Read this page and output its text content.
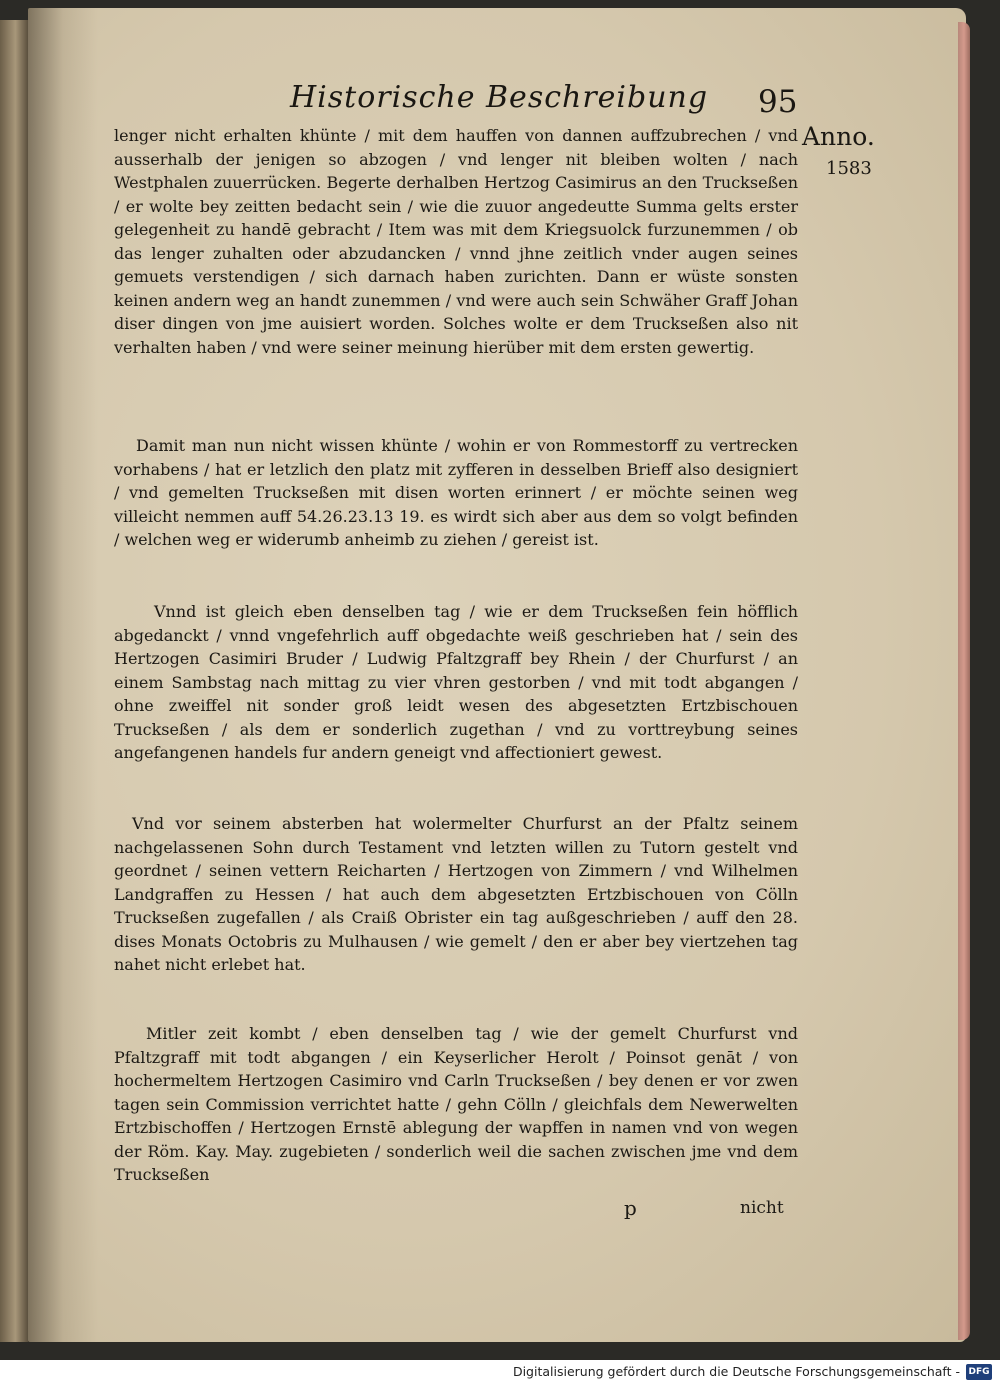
Historische Beschreibung 95
Anno.
1583

lenger nicht erhalten khünte / mit dem hauffen von dannen auffzubrechen / vnd ausserhalb der jenigen so abzogen / vnd lenger nit bleiben wolten / nach Westphalen zuuerrücken. Begerte derhalben Hertzog Casimirus an den Truckseßen / er wolte bey zeitten bedacht sein / wie die zuuor angedeutte Summa gelts erster gelegenheit zu handē gebracht / Item was mit dem Kriegsuolck furzunemmen / ob das lenger zuhalten oder abzudancken / vnnd jhne zeitlich vnder augen seines gemuets verstendigen / sich darnach haben zurichten. Dann er wüste sonsten keinen andern weg an handt zunemmen / vnd were auch sein Schwäher Graff Johan diser dingen von jme auisiert worden. Solches wolte er dem Truckseßen also nit verhalten haben / vnd were seiner meinung hierüber mit dem ersten gewertig.

Damit man nun nicht wissen khünte / wohin er von Rommestorff zu vertrecken vorhabens / hat er letzlich den platz mit zyfferen in desselben Brieff also designiert / vnd gemelten Truckseßen mit disen worten erinnert / er möchte seinen weg villeicht nemmen auff 54.26.23.13 19. es wirdt sich aber aus dem so volgt befinden / welchen weg er widerumb anheimb zu ziehen / gereist ist.

Vnnd ist gleich eben denselben tag / wie er dem Truckseßen fein höfflich abgedanckt / vnnd vngefehrlich auff obgedachte weiß geschrieben hat / sein des Hertzogen Casimiri Bruder / Ludwig Pfaltzgraff bey Rhein / der Churfurst / an einem Sambstag nach mittag zu vier vhren gestorben / vnd mit todt abgangen / ohne zweiffel nit sonder groß leidt wesen des abgesetzten Ertzbischouen Truckseßen / als dem er sonderlich zugethan / vnd zu vorttreybung seines angefangenen handels fur andern geneigt vnd affectioniert gewest.

Vnd vor seinem absterben hat wolermelter Churfurst an der Pfaltz seinem nachgelassenen Sohn durch Testament vnd letzten willen zu Tutorn gestelt vnd geordnet / seinen vettern Reicharten / Hertzogen von Zimmern / vnd Wilhelmen Landgraffen zu Hessen / hat auch dem abgesetzten Ertzbischouen von Cölln Truckseßen zugefallen / als Craiß Obrister ein tag außgeschrieben / auff den 28. dises Monats Octobris zu Mulhausen / wie gemelt / den er aber bey viertzehen tag nahet nicht erlebet hat.

Mitler zeit kombt / eben denselben tag / wie der gemelt Churfurst vnd Pfaltzgraff mit todt abgangen / ein Keyserlicher Herolt / Poinsot genāt / von hochermeltem Hertzogen Casimiro vnd Carln Truckseßen / bey denen er vor zwen tagen sein Commission verrichtet hatte / gehn Cölln / gleichfals dem Newerwelten Ertzbischoffen / Hertzogen Ernstē ablegung der wapffen in namen vnd von wegen der Röm. Kay. May. zugebieten / sonderlich weil die sachen zwischen jme vnd dem Truckseßen

p	nicht
Digitalisierung gefördert durch die Deutsche Forschungsgemeinschaft - DFG
